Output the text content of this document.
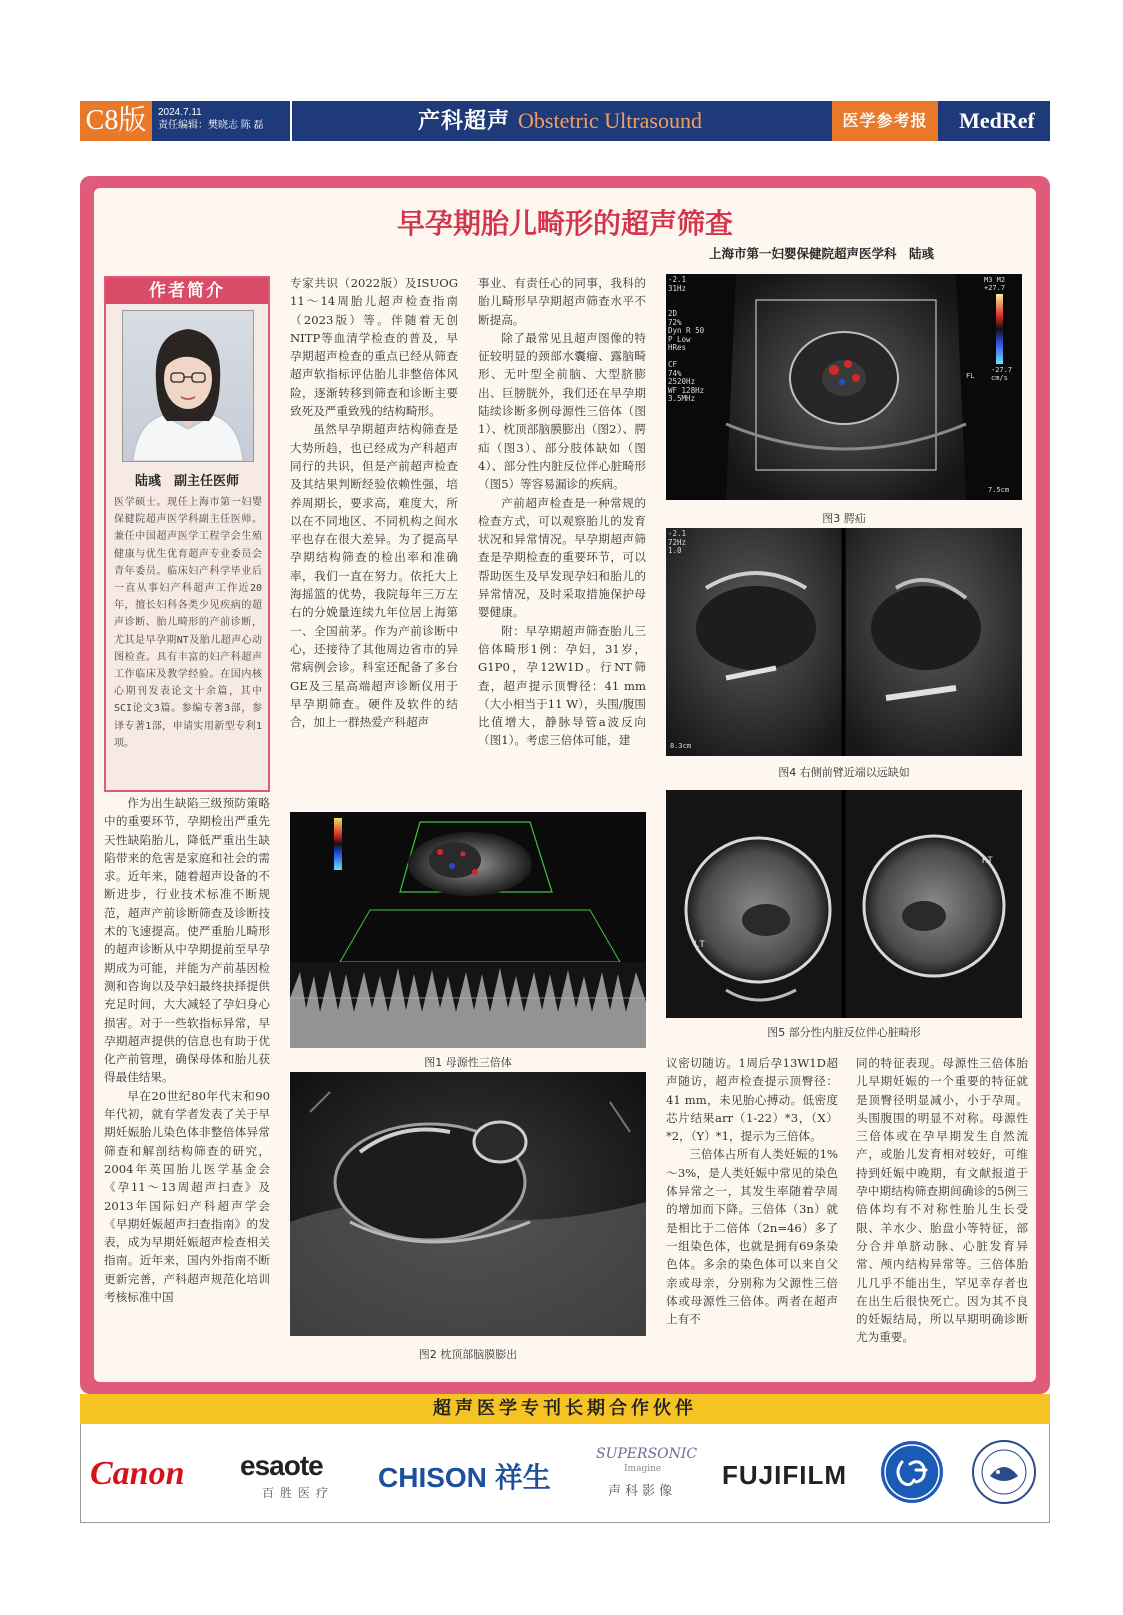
C8版	2024.7.11
责任编辑：樊晓志 陈 磊	产科超声 Obstetric Ultrasound	医学参考报	MedRef
早孕期胎儿畸形的超声筛查
上海市第一妇婴保健院超声医学科　陆彧
作者简介
陆彧　副主任医师
医学硕士。现任上海市第一妇婴保健院超声医学科副主任医师。兼任中国超声医学工程学会生殖健康与优生优育超声专业委员会青年委员。临床妇产科学毕业后一直从事妇产科超声工作近20年，擅长妇科各类少见疾病的超声诊断、胎儿畸形的产前诊断，尤其是早孕期NT及胎儿超声心动图检查。具有丰富的妇产科超声工作临床及教学经验。在国内核心期刊发表论文十余篇，其中SCI论文3篇。参编专著3部，参译专著1部，申请实用新型专利1项。

作为出生缺陷三级预防策略中的重要环节，孕期检出严重先天性缺陷胎儿，降低严重出生缺陷带来的危害是家庭和社会的需求。近年来，随着超声设备的不断进步，行业技术标准不断规范，超声产前诊断筛查及诊断技术的飞速提高。使严重胎儿畸形的超声诊断从中孕期提前至早孕期成为可能，并能为产前基因检测和咨询以及孕妇最终抉择提供充足时间，大大减轻了孕妇身心损害。对于一些软指标异常，早孕期超声提供的信息也有助于优化产前管理，确保母体和胎儿获得最佳结果。

早在20世纪80年代末和90年代初，就有学者发表了关于早期妊娠胎儿染色体非整倍体异常筛查和解剖结构筛查的研究，2004年英国胎儿医学基金会《孕11～13周超声扫查》及2013年国际妇产科超声学会《早期妊娠超声扫查指南》的发表，成为早期妊娠超声检查相关指南。近年来，国内外指南不断更新完善，产科超声规范化培训考核标准中国

专家共识（2022版）及ISUOG 11～14周胎儿超声检查指南（2023版）等。伴随着无创NITP等血清学检查的普及，早孕期超声检查的重点已经从筛查超声软指标评估胎儿非整倍体风险，逐渐转移到筛查和诊断主要致死及严重致残的结构畸形。

虽然早孕期超声结构筛查是大势所趋，也已经成为产科超声同行的共识，但是产前超声检查及其结果判断经验依赖性强，培养周期长，要求高，难度大，所以在不同地区、不同机构之间水平也存在很大差异。为了提高早孕期结构筛查的检出率和准确率，我们一直在努力。依托大上海摇篮的优势，我院每年三万左右的分娩量连续九年位居上海第一、全国前茅。作为产前诊断中心，还接待了其他周边省市的异常病例会诊。科室还配备了多台GE及三星高端超声诊断仪用于早孕期筛查。硬件及软件的结合，加上一群热爱产科超声

事业、有责任心的同事，我科的胎儿畸形早孕期超声筛查水平不断提高。

除了最常见且超声图像的特征较明显的颈部水囊瘤、露脑畸形、无叶型全前脑、大型脐膨出、巨膀胱外，我们还在早孕期陆续诊断多例母源性三倍体（图1）、枕顶部脑膜膨出（图2）、腭疝（图3）、部分肢体缺如（图4）、部分性内脏反位伴心脏畸形（图5）等容易漏诊的疾病。

产前超声检查是一种常规的检查方式，可以观察胎儿的发育状况和异常情况。早孕期超声筛查是孕期检查的重要环节，可以帮助医生及早发现孕妇和胎儿的异常情况，及时采取措施保护母婴健康。

附：早孕期超声筛查胎儿三倍体畸形1例：孕妇，31岁，G1P0，孕12W1D。行NT筛查，超声提示顶臀径：41 mm（大小相当于11 W），头围/腹围比值增大，静脉导管a波反向（图1）。考虑三倍体可能，建

议密切随访。1周后孕13W1D超声随访，超声检查提示顶臀径：41 mm，未见胎心搏动。低密度芯片结果arr（1-22）*3，（X）*2，（Y）*1，提示为三倍体。

三倍体占所有人类妊娠的1%～3%，是人类妊娠中常见的染色体异常之一，其发生率随着孕周的增加而下降。三倍体（3n）就是相比于二倍体（2n=46）多了一组染色体，也就是拥有69条染色体。多余的染色体可以来自父亲或母亲，分别称为父源性三倍体或母源性三倍体。两者在超声上有不

同的特征表现。母源性三倍体胎儿早期妊娠的一个重要的特征就是顶臀径明显减小，小于孕周。头围腹围的明显不对称。母源性三倍体或在孕早期发生自然流产，或胎儿发育相对较好，可维持到妊娠中晚期，有文献报道于孕中期结构筛查期间确诊的5例三倍体均有不对称性胎儿生长受限、羊水少、胎盘小等特征，部分合并单脐动脉、心脏发育异常、颅内结构异常等。三倍体胎儿几乎不能出生，罕见幸存者也在出生后很快死亡。因为其不良的妊娠结局，所以早期明确诊断尤为重要。

图1 母源性三倍体
图2 枕顶部脑膜膨出
-2.1
31Hz

2D
72%
Dyn R 50
P Low
HRes

CF
74%
2520Hz
WF 128Hz
3.5MHz
M3 M2
+27.7
-27.7
cm/s
FL
7.5cm
图3 腭疝
-2.1
72Hz
1.0
8.3cm
图4 右侧前臂近端以远缺如
LT
RT
图5 部分性内脏反位伴心脏畸形
超声医学专刊长期合作伙伴
Canon esaote
百胜医疗 CHISON 祥生
SUPERSONIC
Imagine
声科影像
FUJIFILM
